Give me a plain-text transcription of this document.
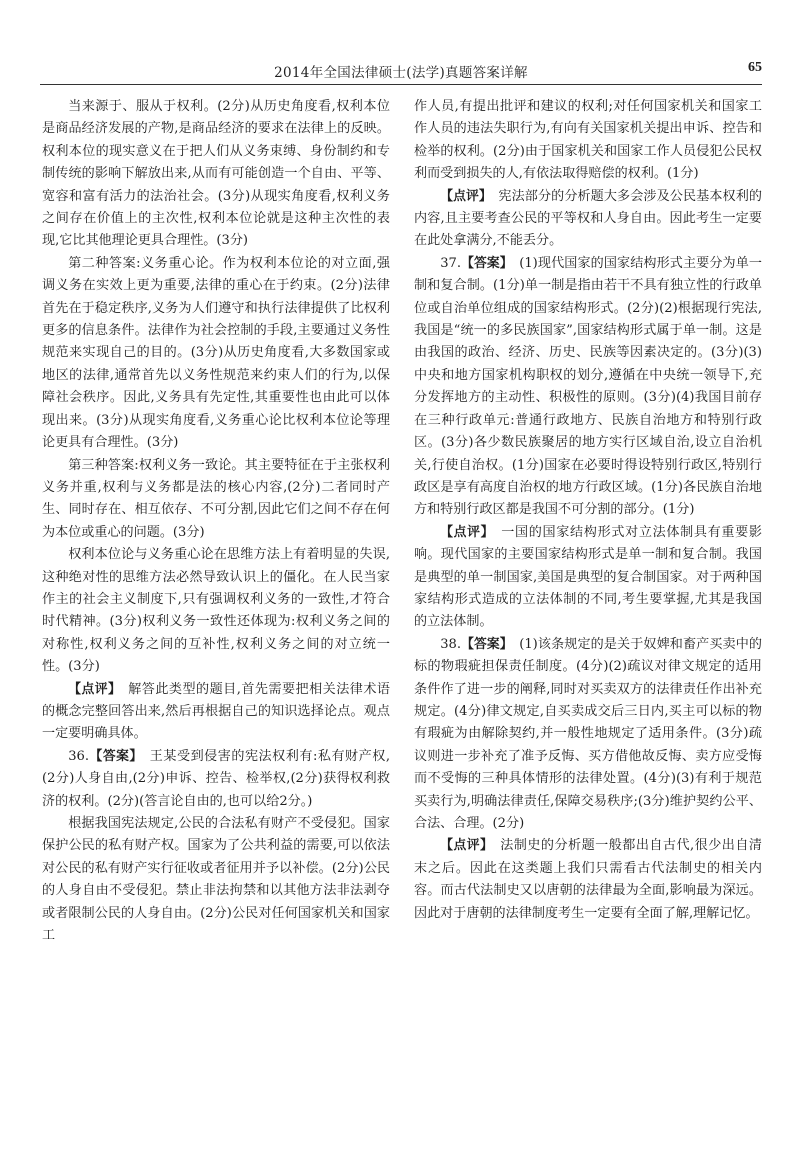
2014年全国法律硕士(法学)真题答案详解	65

当来源于、服从于权利。(2分)从历史角度看,权利本位是商品经济发展的产物,是商品经济的要求在法律上的反映。权利本位的现实意义在于把人们从义务束缚、身份制约和专制传统的影响下解放出来,从而有可能创造一个自由、平等、宽容和富有活力的法治社会。(3分)从现实角度看,权利义务之间存在价值上的主次性,权利本位论就是这种主次性的表现,它比其他理论更具合理性。(3分)

第二种答案:义务重心论。作为权利本位论的对立面,强调义务在实效上更为重要,法律的重心在于约束。(2分)法律首先在于稳定秩序,义务为人们遵守和执行法律提供了比权利更多的信息条件。法律作为社会控制的手段,主要通过义务性规范来实现自己的目的。(3分)从历史角度看,大多数国家或地区的法律,通常首先以义务性规范来约束人们的行为,以保障社会秩序。因此,义务具有先定性,其重要性也由此可以体现出来。(3分)从现实角度看,义务重心论比权利本位论等理论更具有合理性。(3分)

第三种答案:权利义务一致论。其主要特征在于主张权利义务并重,权利与义务都是法的核心内容,(2分)二者同时产生、同时存在、相互依存、不可分割,因此它们之间不存在何为本位或重心的问题。(3分)

权利本位论与义务重心论在思维方法上有着明显的失误,这种绝对性的思维方法必然导致认识上的僵化。在人民当家作主的社会主义制度下,只有强调权利义务的一致性,才符合时代精神。(3分)权利义务一致性还体现为:权利义务之间的对称性,权利义务之间的互补性,权利义务之间的对立统一性。(3分)

【点评】  解答此类型的题目,首先需要把相关法律术语的概念完整回答出来,然后再根据自己的知识选择论点。观点一定要明确具体。

36.【答案】  王某受到侵害的宪法权利有:私有财产权,(2分)人身自由,(2分)申诉、控告、检举权,(2分)获得权利救济的权利。(2分)(答言论自由的,也可以给2分。)

根据我国宪法规定,公民的合法私有财产不受侵犯。国家保护公民的私有财产权。国家为了公共利益的需要,可以依法对公民的私有财产实行征收或者征用并予以补偿。(2分)公民的人身自由不受侵犯。禁止非法拘禁和以其他方法非法剥夺或者限制公民的人身自由。(2分)公民对任何国家机关和国家工

作人员,有提出批评和建议的权利;对任何国家机关和国家工作人员的违法失职行为,有向有关国家机关提出申诉、控告和检举的权利。(2分)由于国家机关和国家工作人员侵犯公民权利而受到损失的人,有依法取得赔偿的权利。(1分)

【点评】  宪法部分的分析题大多会涉及公民基本权利的内容,且主要考查公民的平等权和人身自由。因此考生一定要在此处拿满分,不能丢分。

37.【答案】  (1)现代国家的国家结构形式主要分为单一制和复合制。(1分)单一制是指由若干不具有独立性的行政单位或自治单位组成的国家结构形式。(2分)(2)根据现行宪法,我国是“统一的多民族国家”,国家结构形式属于单一制。这是由我国的政治、经济、历史、民族等因素决定的。(3分)(3)中央和地方国家机构职权的划分,遵循在中央统一领导下,充分发挥地方的主动性、积极性的原则。(3分)(4)我国目前存在三种行政单元:普通行政地方、民族自治地方和特别行政区。(3分)各少数民族聚居的地方实行区域自治,设立自治机关,行使自治权。(1分)国家在必要时得设特别行政区,特别行政区是享有高度自治权的地方行政区域。(1分)各民族自治地方和特别行政区都是我国不可分割的部分。(1分)

【点评】  一国的国家结构形式对立法体制具有重要影响。现代国家的主要国家结构形式是单一制和复合制。我国是典型的单一制国家,美国是典型的复合制国家。对于两种国家结构形式造成的立法体制的不同,考生要掌握,尤其是我国的立法体制。

38.【答案】  (1)该条规定的是关于奴婢和畜产买卖中的标的物瑕疵担保责任制度。(4分)(2)疏议对律文规定的适用条件作了进一步的阐释,同时对买卖双方的法律责任作出补充规定。(4分)律文规定,自买卖成交后三日内,买主可以标的物有瑕疵为由解除契约,并一般性地规定了适用条件。(3分)疏议则进一步补充了准予反悔、买方借他故反悔、卖方应受悔而不受悔的三种具体情形的法律处置。(4分)(3)有利于规范买卖行为,明确法律责任,保障交易秩序;(3分)维护契约公平、合法、合理。(2分)

【点评】  法制史的分析题一般都出自古代,很少出自清末之后。因此在这类题上我们只需看古代法制史的相关内容。而古代法制史又以唐朝的法律最为全面,影响最为深远。因此对于唐朝的法律制度考生一定要有全面了解,理解记忆。
